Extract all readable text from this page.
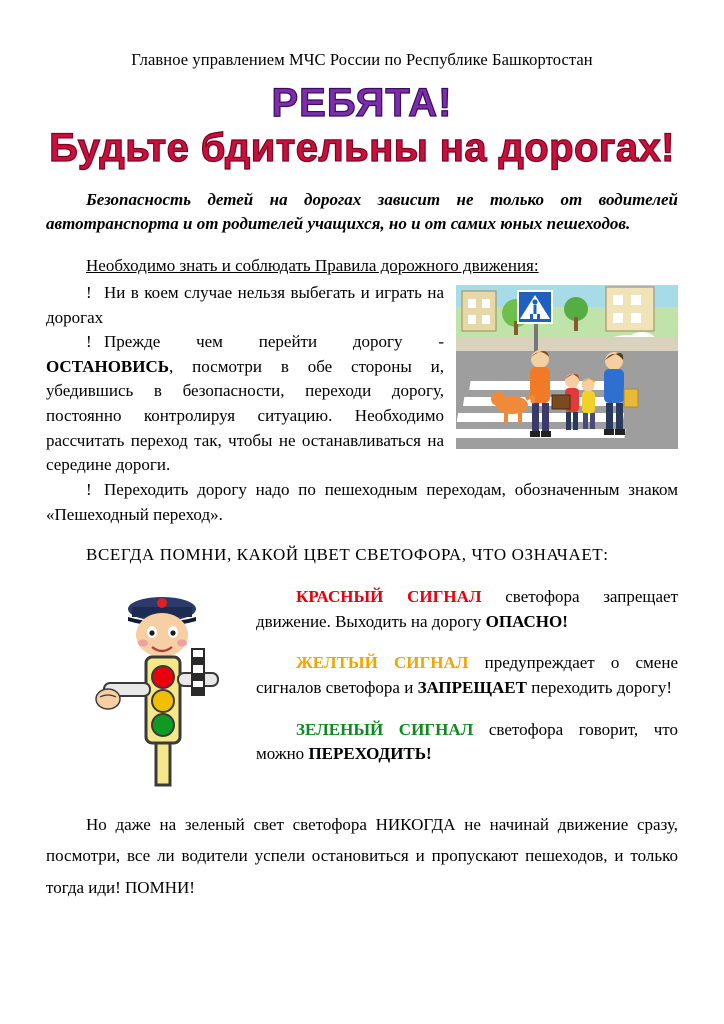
Главное управлением МЧС России по Республике Башкортостан
РЕБЯТА!
Будьте бдительны на дорогах!

Безопасность детей на дорогах зависит не только от водителей автотранспорта и от родителей учащихся, но и от самих юных пешеходов.

Необходимо знать и соблюдать Правила дорожного движения:
! Ни в коем случае нельзя выбегать и играть на дорогах
! Прежде чем перейти дорогу - ОСТАНОВИСЬ, посмотри в обе стороны и, убедившись в безопасности, переходи дорогу, постоянно контролируя ситуацию. Необходимо рассчитать переход так, чтобы не останавливаться на середине дороги.
! Переходить дорогу надо по пешеходным переходам, обозначенным знаком «Пешеходный переход».

ВСЕГДА ПОМНИ, КАКОЙ ЦВЕТ СВЕТОФОРА, ЧТО ОЗНАЧАЕТ:

КРАСНЫЙ СИГНАЛ светофора запрещает движение. Выходить на дорогу ОПАСНО!

ЖЕЛТЫЙ СИГНАЛ предупреждает о смене сигналов светофора и ЗАПРЕЩАЕТ переходить дорогу!

ЗЕЛЕНЫЙ СИГНАЛ светофора говорит, что можно ПЕРЕХОДИТЬ!

Но даже на зеленый свет светофора НИКОГДА не начинай движение сразу, посмотри, все ли водители успели остановиться и пропускают пешеходов, и только тогда иди! ПОМНИ!
